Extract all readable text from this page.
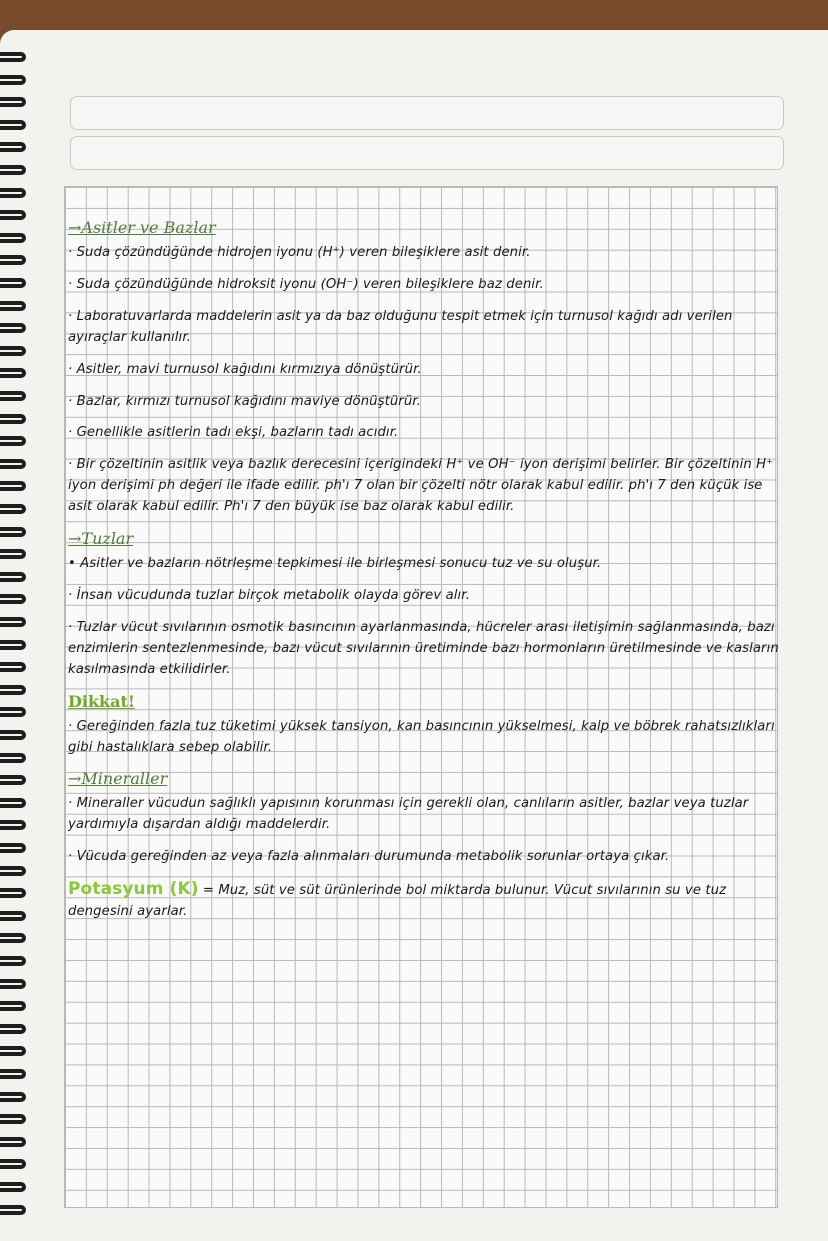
→Asitler ve Bazlar
· Suda çözündüğünde hidrojen iyonu (H⁺) veren bileşiklere asit denir.
· Suda çözündüğünde hidroksit iyonu (OH⁻) veren bileşiklere baz denir.
· Laboratuvarlarda maddelerin asit ya da baz olduğunu tespit etmek için turnusol kağıdı adı verilen ayıraçlar kullanılır.
· Asitler, mavi turnusol kağıdını kırmızıya dönüştürür.
· Bazlar, kırmızı turnusol kağıdını maviye dönüştürür.
· Genellikle asitlerin tadı ekşi, bazların tadı acıdır.
· Bir çözeltinin asitlik veya bazlık derecesini içerigindeki H⁺ ve OH⁻ iyon derişimi belirler. Bir çözeltinin H⁺ iyon derişimi ph değeri ile ifade edilir. ph'ı 7 olan bir çözelti nötr olarak kabul edilir. ph'ı 7 den küçük ise asit olarak kabul edilir. Ph'ı 7 den büyük ise baz olarak kabul edilir.
→Tuzlar
• Asitler ve bazların nötrleşme tepkimesi ile birleşmesi sonucu tuz ve su oluşur.
· İnsan vücudunda tuzlar birçok metabolik olayda görev alır.
· Tuzlar vücut sıvılarının osmotik basıncının ayarlanmasında, hücreler arası iletişimin sağlanmasında, bazı enzimlerin sentezlenmesinde, bazı vücut sıvılarının üretiminde bazı hormonların üretilmesinde ve kasların kasılmasında etkilidirler.
Dikkat!
· Gereğinden fazla tuz tüketimi yüksek tansiyon, kan basıncının yükselmesi, kalp ve böbrek rahatsızlıkları gibi hastalıklara sebep olabilir.
→Mineraller
· Mineraller vücudun sağlıklı yapısının korunması için gerekli olan, canlıların asitler, bazlar veya tuzlar yardımıyla dışardan aldığı maddelerdir.
· Vücuda gereğinden az veya fazla alınmaları durumunda metabolik sorunlar ortaya çıkar.
Potasyum (K) = Muz, süt ve süt ürünlerinde bol miktarda bulunur. Vücut sıvılarının su ve tuz dengesini ayarlar.
